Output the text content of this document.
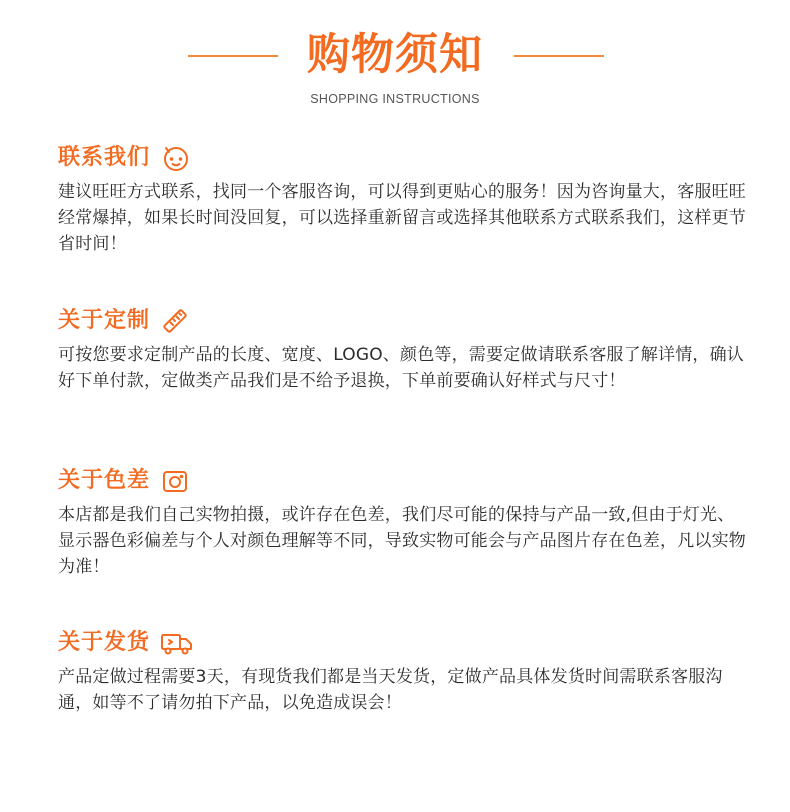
购物须知
SHOPPING INSTRUCTIONS
联系我们
建议旺旺方式联系，找同一个客服咨询，可以得到更贴心的服务！因为咨询量大，客服旺旺经常爆掉，如果长时间没回复，可以选择重新留言或选择其他联系方式联系我们，这样更节省时间！
关于定制
可按您要求定制产品的长度、宽度、LOGO、颜色等，需要定做请联系客服了解详情，确认好下单付款，定做类产品我们是不给予退换，下单前要确认好样式与尺寸！
关于色差
本店都是我们自己实物拍摄，或许存在色差，我们尽可能的保持与产品一致,但由于灯光、显示器色彩偏差与个人对颜色理解等不同，导致实物可能会与产品图片存在色差，凡以实物为准！
关于发货
产品定做过程需要3天，有现货我们都是当天发货，定做产品具体发货时间需联系客服沟通，如等不了请勿拍下产品，以免造成误会！
